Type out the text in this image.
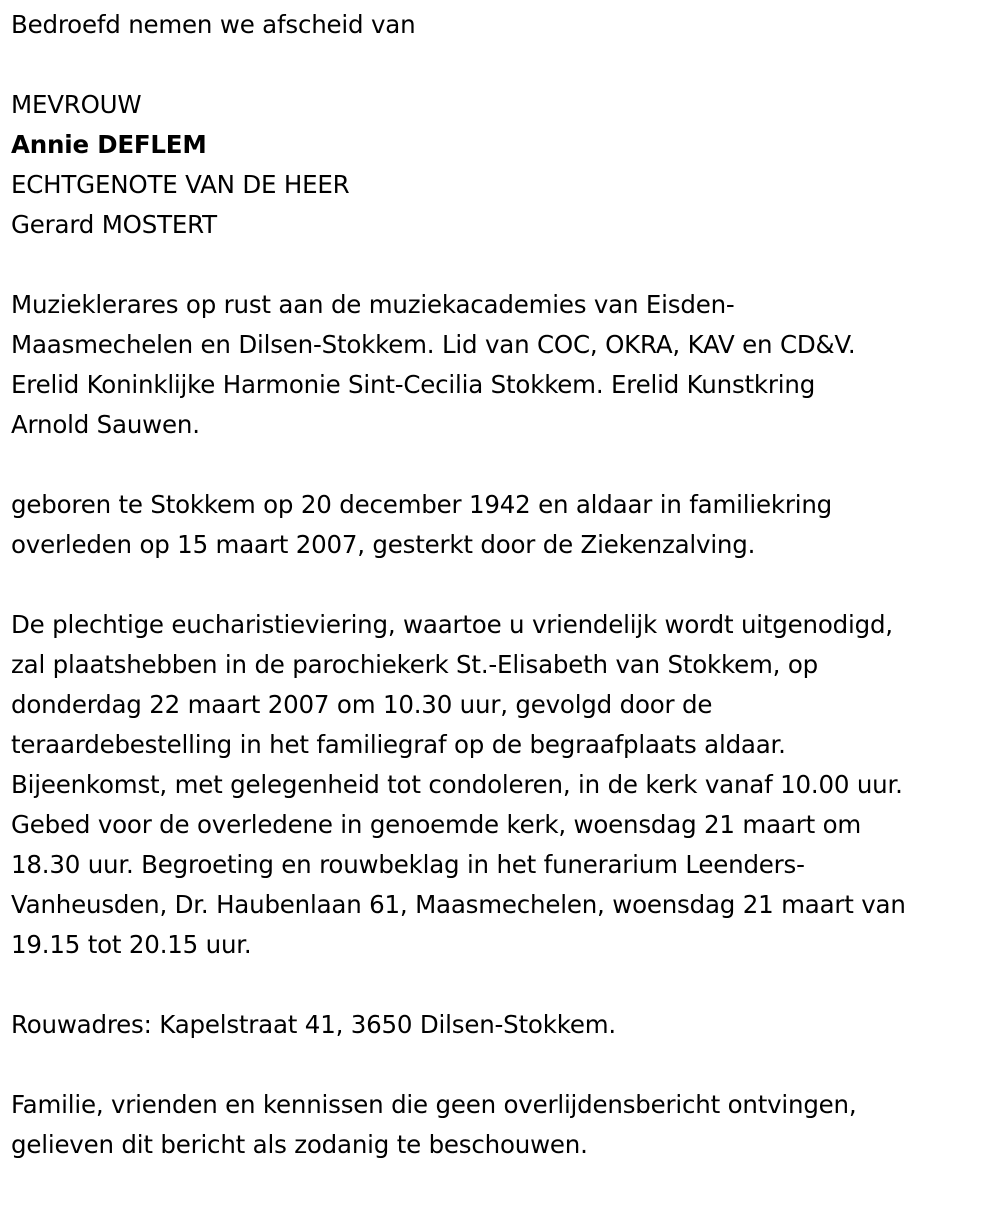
Bedroefd nemen we afscheid van
MEVROUW
Annie DEFLEM
ECHTGENOTE VAN DE HEER
Gerard MOSTERT
Muzieklerares op rust aan de muziekacademies van Eisden-
Maasmechelen en Dilsen-Stokkem. Lid van COC, OKRA, KAV en CD&V.
Erelid Koninklijke Harmonie Sint-Cecilia Stokkem. Erelid Kunstkring
Arnold Sauwen.
geboren te Stokkem op 20 december 1942 en aldaar in familiekring
overleden op 15 maart 2007, gesterkt door de Ziekenzalving.
De plechtige eucharistieviering, waartoe u vriendelijk wordt uitgenodigd,
zal plaatshebben in de parochiekerk St.-Elisabeth van Stokkem, op
donderdag 22 maart 2007 om 10.30 uur, gevolgd door de
teraardebestelling in het familiegraf op de begraafplaats aldaar.
Bijeenkomst, met gelegenheid tot condoleren, in de kerk vanaf 10.00 uur.
Gebed voor de overledene in genoemde kerk, woensdag 21 maart om
18.30 uur. Begroeting en rouwbeklag in het funerarium Leenders-
Vanheusden, Dr. Haubenlaan 61, Maasmechelen, woensdag 21 maart van
19.15 tot 20.15 uur.
Rouwadres: Kapelstraat 41, 3650 Dilsen-Stokkem.
Familie, vrienden en kennissen die geen overlijdensbericht ontvingen,
gelieven dit bericht als zodanig te beschouwen.
